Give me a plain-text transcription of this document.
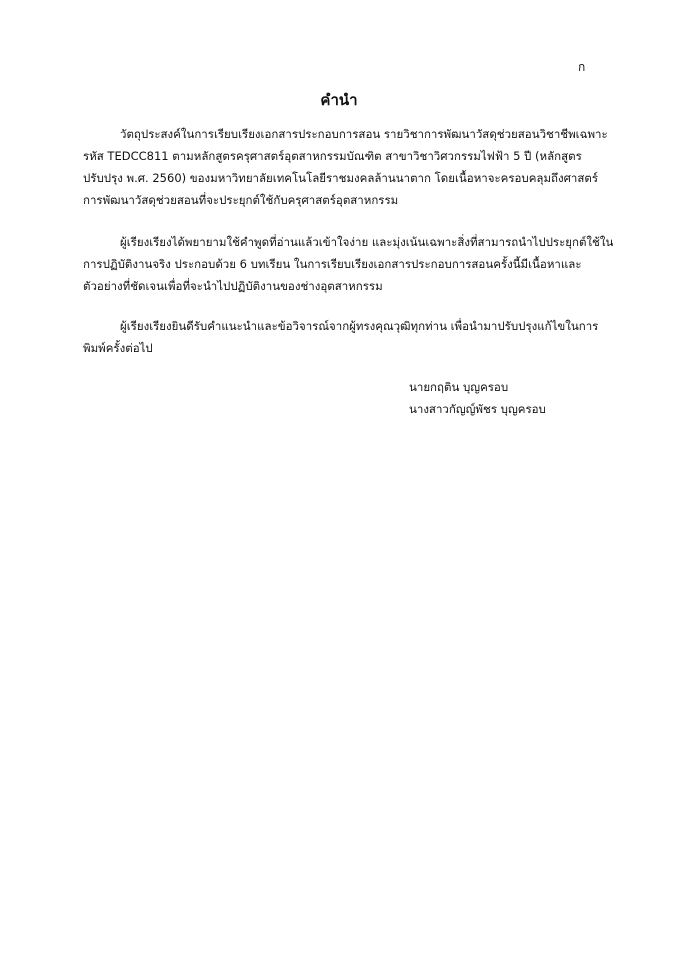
ก
คำนำ

วัตถุประสงค์ในการเรียบเรียงเอกสารประกอบการสอน รายวิชาการพัฒนาวัสดุช่วยสอนวิชาชีพเฉพาะ

รหัส TEDCC811 ตามหลักสูตรครุศาสตร์อุตสาหกรรมบัณฑิต สาขาวิชาวิศวกรรมไฟฟ้า 5 ปี (หลักสูตร

ปรับปรุง พ.ศ. 2560) ของมหาวิทยาลัยเทคโนโลยีราชมงคลล้านนาตาก โดยเนื้อหาจะครอบคลุมถึงศาสตร์

การพัฒนาวัสดุช่วยสอนที่จะประยุกต์ใช้กับครุศาสตร์อุตสาหกรรม

ผู้เรียงเรียงได้พยายามใช้คำพูดที่อ่านแล้วเข้าใจง่าย และมุ่งเน้นเฉพาะสิ่งที่สามารถนำไปประยุกต์ใช้ใน

การปฏิบัติงานจริง ประกอบด้วย 6 บทเรียน ในการเรียบเรียงเอกสารประกอบการสอนครั้งนี้มีเนื้อหาและ

ตัวอย่างที่ชัดเจนเพื่อที่จะนำไปปฏิบัติงานของช่างอุตสาหกรรม

ผู้เรียงเรียงยินดีรับคำแนะนำและข้อวิจารณ์จากผู้ทรงคุณวุฒิทุกท่าน เพื่อนำมาปรับปรุงแก้ไขในการ

พิมพ์ครั้งต่อไป

นายกฤติน บุญครอบ

นางสาวกัญญ์พัชร บุญครอบ
